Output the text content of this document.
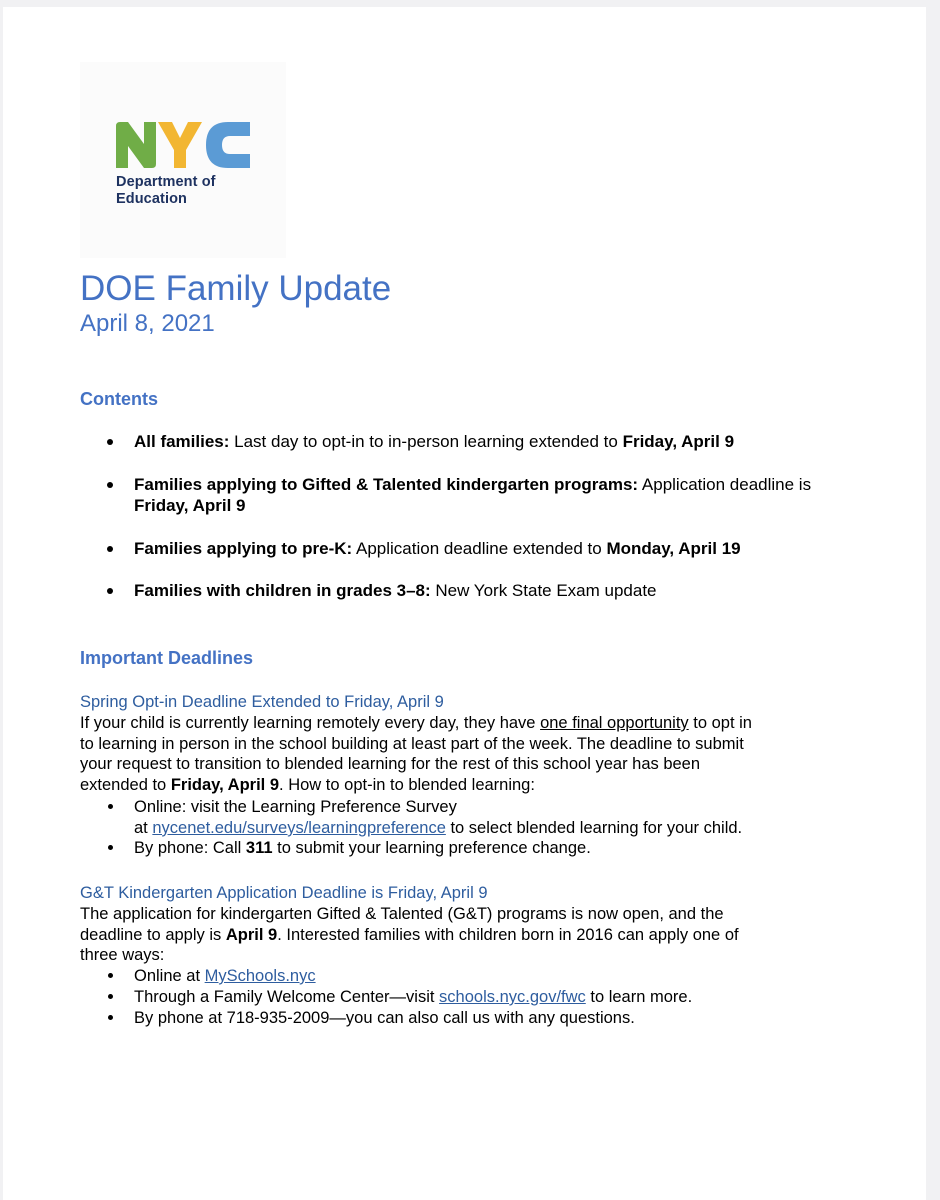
Department of
Education
DOE Family Update
April 8, 2021
Contents
All families: Last day to opt-in to in-person learning extended to Friday, April 9
Families applying to Gifted & Talented kindergarten programs: Application deadline is Friday, April 9
Families applying to pre-K: Application deadline extended to Monday, April 19
Families with children in grades 3–8: New York State Exam update
Important Deadlines
Spring Opt-in Deadline Extended to Friday, April 9
If your child is currently learning remotely every day, they have one final opportunity to opt in
to learning in person in the school building at least part of the week. The deadline to submit
your request to transition to blended learning for the rest of this school year has been
extended to Friday, April 9. How to opt-in to blended learning:
Online: visit the Learning Preference Survey
at nycenet.edu/surveys/learningpreference to select blended learning for your child.
By phone: Call 311 to submit your learning preference change.
G&T Kindergarten Application Deadline is Friday, April 9
The application for kindergarten Gifted & Talented (G&T) programs is now open, and the
deadline to apply is April 9. Interested families with children born in 2016 can apply one of
three ways:
Online at MySchools.nyc
Through a Family Welcome Center—visit schools.nyc.gov/fwc to learn more.
By phone at 718-935-2009—you can also call us with any questions.
